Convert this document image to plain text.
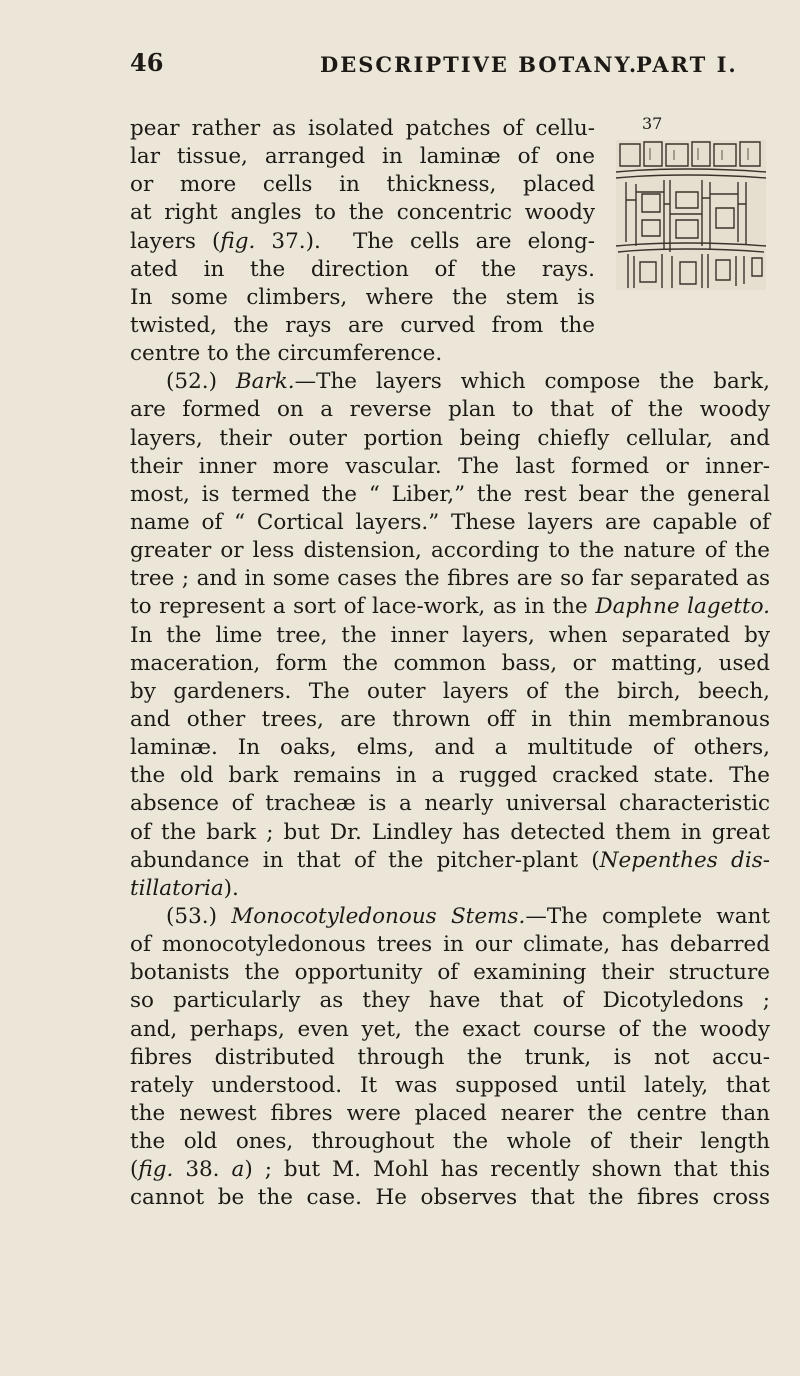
46	DESCRIPTIVE BOTANY.
PART I.
37
pear rather as isolated patches of cellu-
lar tissue, arranged in laminæ of one
or more cells in thickness, placed
at right angles to the concentric woody
layers (fig. 37.).  The cells are elong-
ated in the direction of the rays.
In some climbers, where the stem is
twisted, the rays are curved from the
centre to the circumference.
(52.) Bark.—The layers which compose the bark,
are formed on a reverse plan to that of the woody
layers, their outer portion being chiefly cellular, and
their inner more vascular. The last formed or inner-
most, is termed the “ Liber,” the rest bear the general
name of “ Cortical layers.” These layers are capable of
greater or less distension, according to the nature of the
tree ; and in some cases the fibres are so far separated as
to represent a sort of lace-work, as in the Daphne lagetto.
In the lime tree, the inner layers, when separated by
maceration, form the common bass, or matting, used
by gardeners. The outer layers of the birch, beech,
and other trees, are thrown off in thin membranous
laminæ. In oaks, elms, and a multitude of others,
the old bark remains in a rugged cracked state. The
absence of tracheæ is a nearly universal characteristic
of the bark ; but Dr. Lindley has detected them in great
abundance in that of the pitcher-plant (Nepenthes dis-
tillatoria).
(53.) Monocotyledonous Stems.—The complete want
of monocotyledonous trees in our climate, has debarred
botanists the opportunity of examining their structure
so particularly as they have that of Dicotyledons ;
and, perhaps, even yet, the exact course of the woody
fibres distributed through the trunk, is not accu-
rately understood. It was supposed until lately, that
the newest fibres were placed nearer the centre than
the old ones, throughout the whole of their length
(fig. 38. a) ; but M. Mohl has recently shown that this
cannot be the case. He observes that the fibres cross
